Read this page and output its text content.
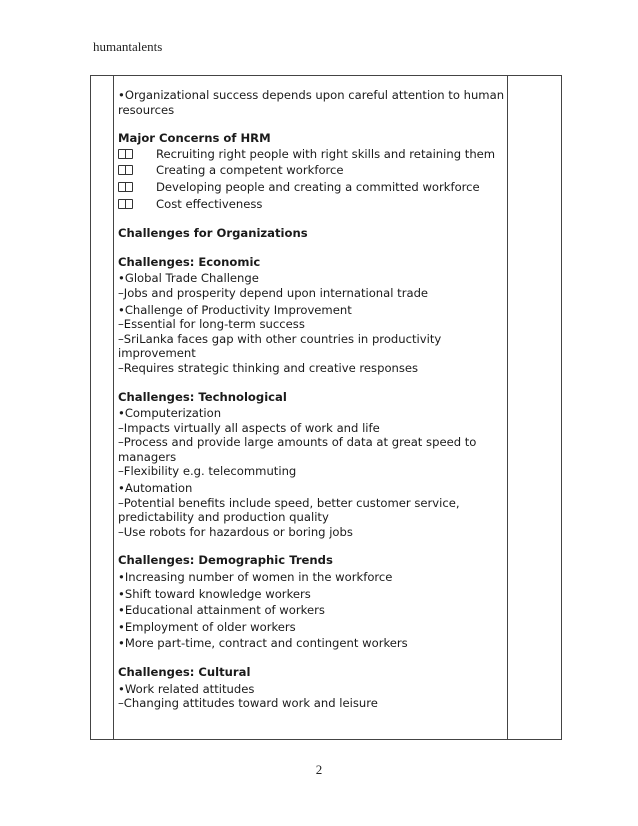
humantalents

•Organizational success depends upon careful attention to human

resources

Major Concerns of HRM

Recruiting right people with right skills and retaining them
Creating a competent workforce
Developing people and creating a committed workforce
Cost effectiveness

Challenges for Organizations

Challenges: Economic

•Global Trade Challenge

–Jobs and prosperity depend upon international trade

•Challenge of Productivity Improvement

–Essential for long-term success

–SriLanka faces gap with other countries in productivity

improvement

–Requires strategic thinking and creative responses

Challenges: Technological

•Computerization

–Impacts virtually all aspects of work and life

–Process and provide large amounts of data at great speed to

managers

–Flexibility e.g. telecommuting

•Automation

–Potential benefits include speed, better customer service,

predictability and production quality

–Use robots for hazardous or boring jobs

Challenges: Demographic Trends

•Increasing number of women in the workforce

•Shift toward knowledge workers

•Educational attainment of workers

•Employment of older workers

•More part-time, contract and contingent workers

Challenges: Cultural

•Work related attitudes

–Changing attitudes toward work and leisure

2
